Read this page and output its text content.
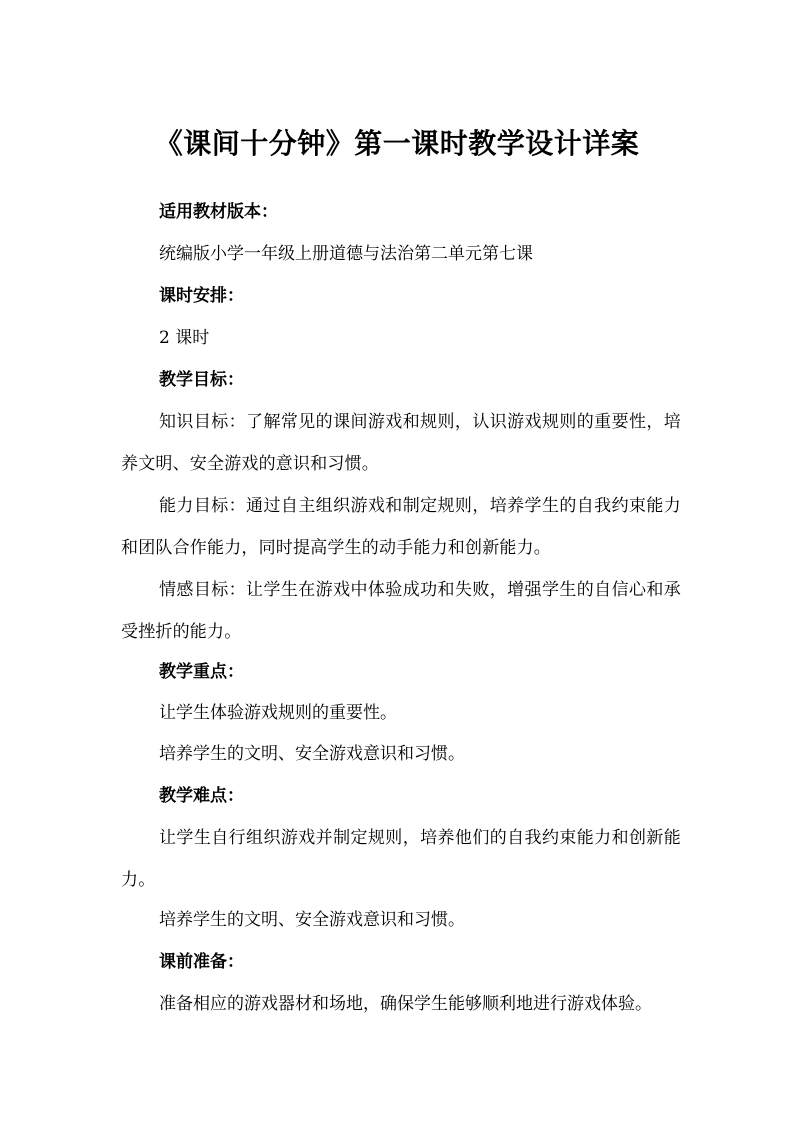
《课间十分钟》第一课时教学设计详案
适用教材版本：
统编版小学一年级上册道德与法治第二单元第七课
课时安排：
2 课时
教学目标：
知识目标：了解常见的课间游戏和规则，认识游戏规则的重要性，培养文明、安全游戏的意识和习惯。
能力目标：通过自主组织游戏和制定规则，培养学生的自我约束能力和团队合作能力，同时提高学生的动手能力和创新能力。
情感目标：让学生在游戏中体验成功和失败，增强学生的自信心和承受挫折的能力。
教学重点：
让学生体验游戏规则的重要性。
培养学生的文明、安全游戏意识和习惯。
教学难点：
让学生自行组织游戏并制定规则，培养他们的自我约束能力和创新能力。
培养学生的文明、安全游戏意识和习惯。
课前准备：
准备相应的游戏器材和场地，确保学生能够顺利地进行游戏体验。
